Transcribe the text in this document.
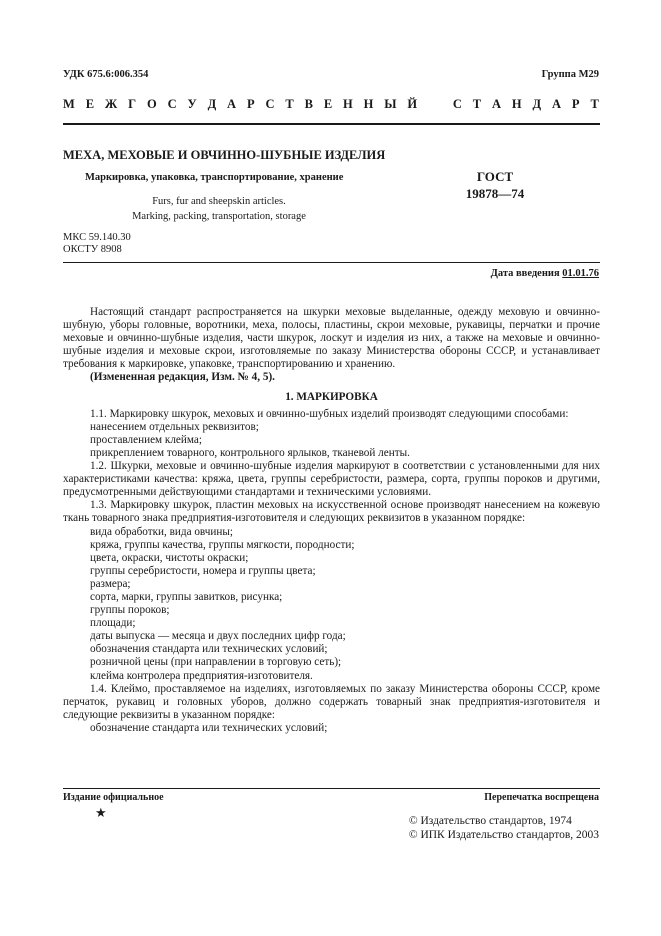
УДК 675.6:006.354	Группа М29
М Е Ж Г О С У Д А Р С Т В Е Н Н Ы Й	С Т А Н Д А Р Т
МЕХА, МЕХОВЫЕ И ОВЧИННО-ШУБНЫЕ ИЗДЕЛИЯ
Маркировка, упаковка, транспортирование, хранение	ГОСТ
19878—74
Furs, fur and sheepskin articles.
Marking, packing, transportation, storage
МКС 59.140.30
ОКСТУ 8908
Дата введения 01.01.76

Настоящий стандарт распространяется на шкурки меховые выделанные, одежду меховую и овчинно-шубную, уборы головные, воротники, меха, полосы, пластины, скрои меховые, рукавицы, перчатки и прочие меховые и овчинно-шубные изделия, части шкурок, лоскут и изделия из них, а также на меховые и овчинно-шубные изделия и меховые скрои, изготовляемые по заказу Министерства обороны СССР, и устанавливает требования к маркировке, упаковке, транспортированию и хранению.

(Измененная редакция, Изм. № 4, 5).

1. МАРКИРОВКА

1.1. Маркировку шкурок, меховых и овчинно-шубных изделий производят следующими способами:

нанесением отдельных реквизитов;

проставлением клейма;

прикреплением товарного, контрольного ярлыков, тканевой ленты.

1.2. Шкурки, меховые и овчинно-шубные изделия маркируют в соответствии с установленными для них характеристиками качества: кряжа, цвета, группы серебристости, размера, сорта, группы пороков и другими, предусмотренными действующими стандартами и техническими условиями.

1.3. Маркировку шкурок, пластин меховых на искусственной основе производят нанесением на кожевую ткань товарного знака предприятия-изготовителя и следующих реквизитов в указанном порядке:

вида обработки, вида овчины;

кряжа, группы качества, группы мягкости, породности;

цвета, окраски, чистоты окраски;

группы серебристости, номера и группы цвета;

размера;

сорта, марки, группы завитков, рисунка;

группы пороков;

площади;

даты выпуска — месяца и двух последних цифр года;

обозначения стандарта или технических условий;

розничной цены (при направлении в торговую сеть);

клейма контролера предприятия-изготовителя.

1.4. Клеймо, проставляемое на изделиях, изготовляемых по заказу Министерства обороны СССР, кроме перчаток, рукавиц и головных уборов, должно содержать товарный знак предприятия-изготовителя и следующие реквизиты в указанном порядке:

обозначение стандарта или технических условий;

Издание официальное	Перепечатка воспрещена
★
© Издательство стандартов, 1974
© ИПК Издательство стандартов, 2003
